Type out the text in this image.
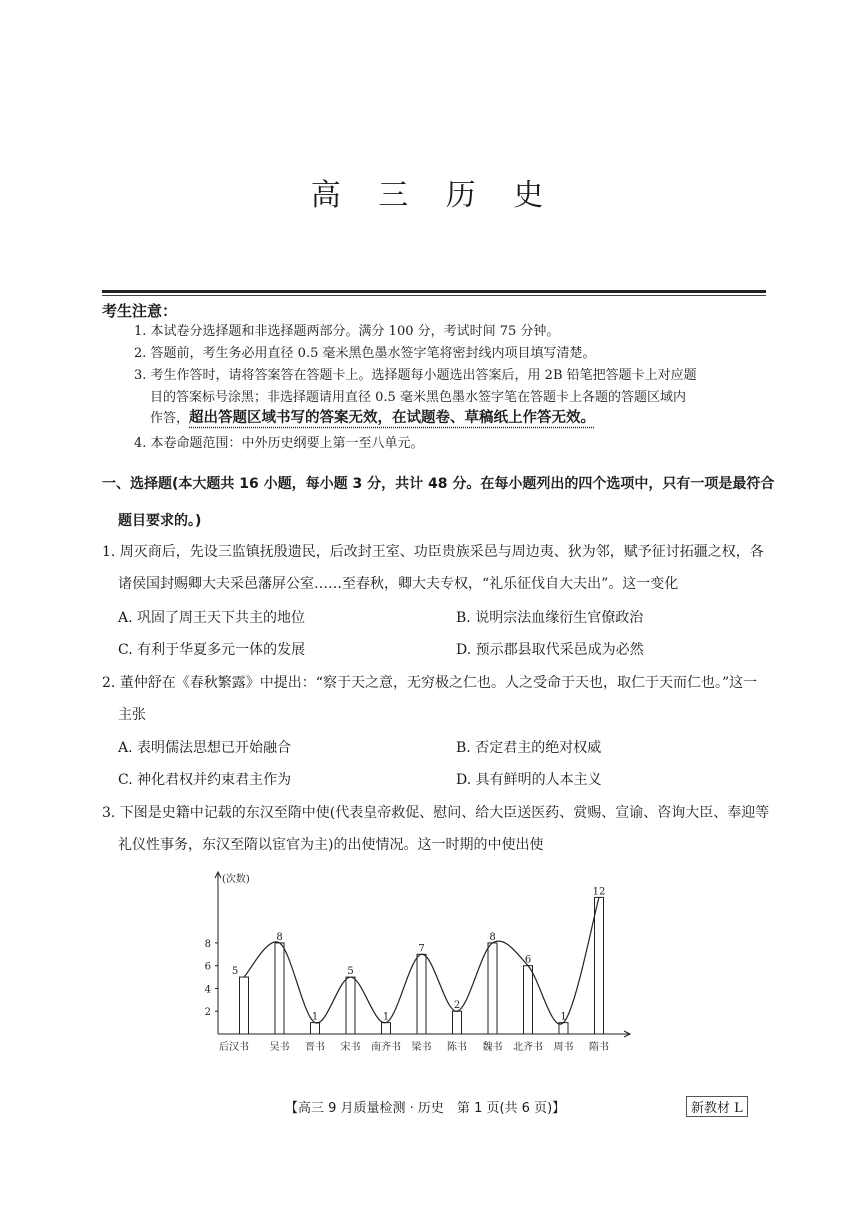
高 三 历 史
考生注意：
1. 本试卷分选择题和非选择题两部分。满分 100 分，考试时间 75 分钟。
2. 答题前，考生务必用直径 0.5 毫米黑色墨水签字笔将密封线内项目填写清楚。
3. 考生作答时，请将答案答在答题卡上。选择题每小题选出答案后，用 2B 铅笔把答题卡上对应题
目的答案标号涂黑；非选择题请用直径 0.5 毫米黑色墨水签字笔在答题卡上各题的答题区域内
作答，超出答题区域书写的答案无效，在试题卷、草稿纸上作答无效。
4. 本卷命题范围：中外历史纲要上第一至八单元。
一、选择题(本大题共 16 小题，每小题 3 分，共计 48 分。在每小题列出的四个选项中，只有一项是最符合
题目要求的。)
1. 周灭商后，先设三监镇抚殷遗民，后改封王室、功臣贵族采邑与周边夷、狄为邻，赋予征讨拓疆之权，各
诸侯国封赐卿大夫采邑藩屏公室……至春秋，卿大夫专权，“礼乐征伐自大夫出”。这一变化
A. 巩固了周王天下共主的地位	B. 说明宗法血缘衍生官僚政治
C. 有利于华夏多元一体的发展	D. 预示郡县取代采邑成为必然
2. 董仲舒在《春秋繁露》中提出：“察于天之意，无穷极之仁也。人之受命于天也，取仁于天而仁也。”这一
主张
A. 表明儒法思想已开始融合	B. 否定君主的绝对权威
C. 神化君权并约束君主作为	D. 具有鲜明的人本主义
3. 下图是史籍中记载的东汉至隋中使(代表皇帝救促、慰问、给大臣送医药、赏赐、宣谕、咨询大臣、奉迎等
礼仪性事务，东汉至隋以宦官为主)的出使情况。这一时期的中使出使
(次数)
2
4
6
8
5
后汉书
8
吴书
1
晋书
5
宋书
1
南齐书
7
梁书
2
陈书
8
魏书
6
北齐书
1
周书
12
隋书
【高三 9 月质量检测 · 历史　第 1 页(共 6 页)】	新教材 L
